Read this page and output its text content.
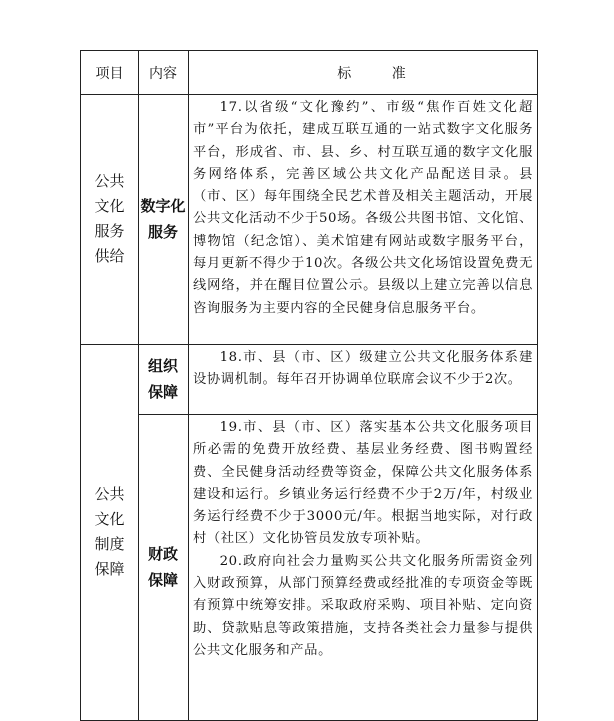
项目	内容	标 准
公共
文化
服务
供给
数字化
服务

17.以省级“文化豫约”、市级“焦作百姓文化超市”平台为依托，建成互联互通的一站式数字文化服务平台，形成省、市、县、乡、村互联互通的数字文化服务网络体系，完善区域公共文化产品配送目录。县（市、区）每年围绕全民艺术普及相关主题活动，开展公共文化活动不少于50场。各级公共图书馆、文化馆、博物馆（纪念馆）、美术馆建有网站或数字服务平台，每月更新不得少于10次。各级公共文化场馆设置免费无线网络，并在醒目位置公示。县级以上建立完善以信息咨询服务为主要内容的全民健身信息服务平台。

公共
文化
制度
保障
组织
保障

18.市、县（市、区）级建立公共文化服务体系建设协调机制。每年召开协调单位联席会议不少于2次。

财政
保障

19.市、县（市、区）落实基本公共文化服务项目所必需的免费开放经费、基层业务经费、图书购置经费、全民健身活动经费等资金，保障公共文化服务体系建设和运行。乡镇业务运行经费不少于2万/年，村级业务运行经费不少于3000元/年。根据当地实际，对行政村（社区）文化协管员发放专项补贴。

20.政府向社会力量购买公共文化服务所需资金列入财政预算，从部门预算经费或经批准的专项资金等既有预算中统筹安排。采取政府采购、项目补贴、定向资助、贷款贴息等政策措施，支持各类社会力量参与提供公共文化服务和产品。
